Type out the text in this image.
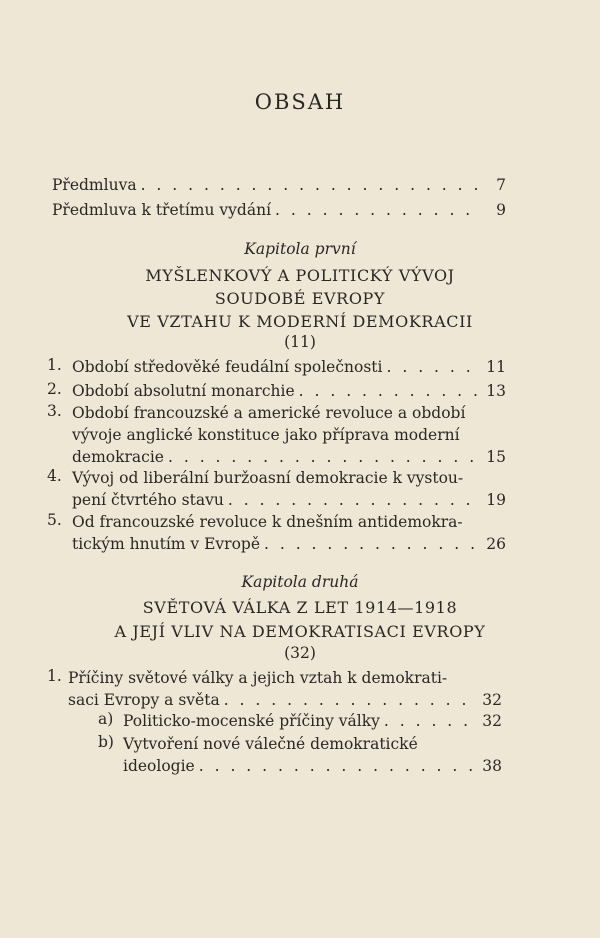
OBSAH
Předmluva . . .	7
Předmluva k třetímu vydání . . .	9
Kapitola první
MYŠLENKOVÝ A POLITICKÝ VÝVOJ
SOUDOBÉ EVROPY
VE VZTAHU K MODERNÍ DEMOKRACII
(11)
1. Období středověké feudální společnosti . . .	11
2. Období absolutní monarchie . . .	13
3. Období francouzské a americké revoluce a období
vývoje anglické konstituce jako příprava moderní
demokracie . . .	15
4. Vývoj od liberální buržoasní demokracie k vystou-
pení čtvrtého stavu . . .	19
5. Od francouzské revoluce k dnešním antidemokra-
tickým hnutím v Evropě . . .	26
Kapitola druhá
SVĚTOVÁ VÁLKA Z LET 1914—1918
A JEJÍ VLIV NA DEMOKRATISACI EVROPY
(32)
1. Příčiny světové války a jejich vztah k demokrati-
saci Evropy a světa . . .	32
a) Politicko-mocenské příčiny války . . .	32
b) Vytvoření nové válečné demokratické
ideologie . . .	38
